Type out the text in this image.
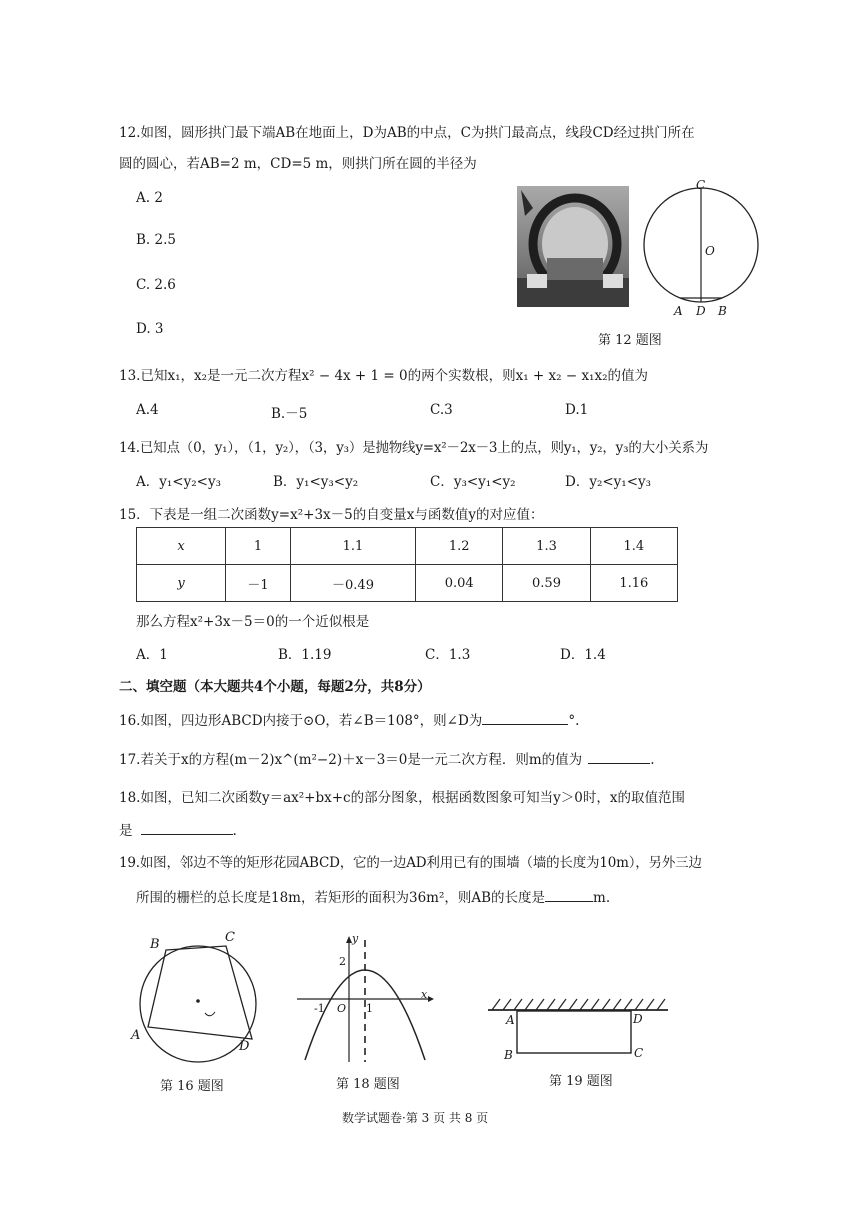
12.如图，圆形拱门最下端AB在地面上，D为AB的中点，C为拱门最高点，线段CD经过拱门所在
圆的圆心，若AB=2 m，CD=5 m，则拱门所在圆的半径为
A. 2
B. 2.5
C. 2.6
D. 3
C
O
A D B
第 12 题图
13.已知x₁，x₂是一元二次方程x² − 4x + 1 = 0的两个实数根，则x₁ + x₂ − x₁x₂的值为
A.4	B.－5	C.3	D.1
14.已知点（0，y₁），（1，y₂），（3，y₃）是抛物线y=x²－2x－3上的点，则y₁，y₂，y₃的大小关系为
A．y₁<y₂<y₃	B．y₁<y₃<y₂	C．y₃<y₁<y₂	D．y₂<y₁<y₃
15．下表是一组二次函数y=x²+3x－5的自变量x与函数值y的对应值：
x	1	1.1	1.2	1.3	1.4
y	－1	－0.49	0.04	0.59	1.16
那么方程x²+3x－5＝0的一个近似根是
A．1	B．1.19	C．1.3	D．1.4
二、填空题（本大题共4个小题，每题2分，共8分）
16.如图，四边形ABCD内接于⊙O，若∠B＝108°，则∠D为	°.
17.若关于x的方程(m－2)x^(m²−2)＋x－3＝0是一元二次方程．则m的值为	.
18.如图，已知二次函数y＝ax²+bx+c的部分图象，根据函数图象可知当y＞0时，x的取值范围
是	.
19.如图，邻边不等的矩形花园ABCD，它的一边AD利用已有的围墙（墙的长度为10m），另外三边
所围的栅栏的总长度是18m，若矩形的面积为36m²，则AB的长度是	m.
B	C
A
D
第 16 题图
y
x
2
-1 O 1
第 18 题图
A
B	C
D
第 19 题图
数学试题卷·第 3 页 共 8 页
